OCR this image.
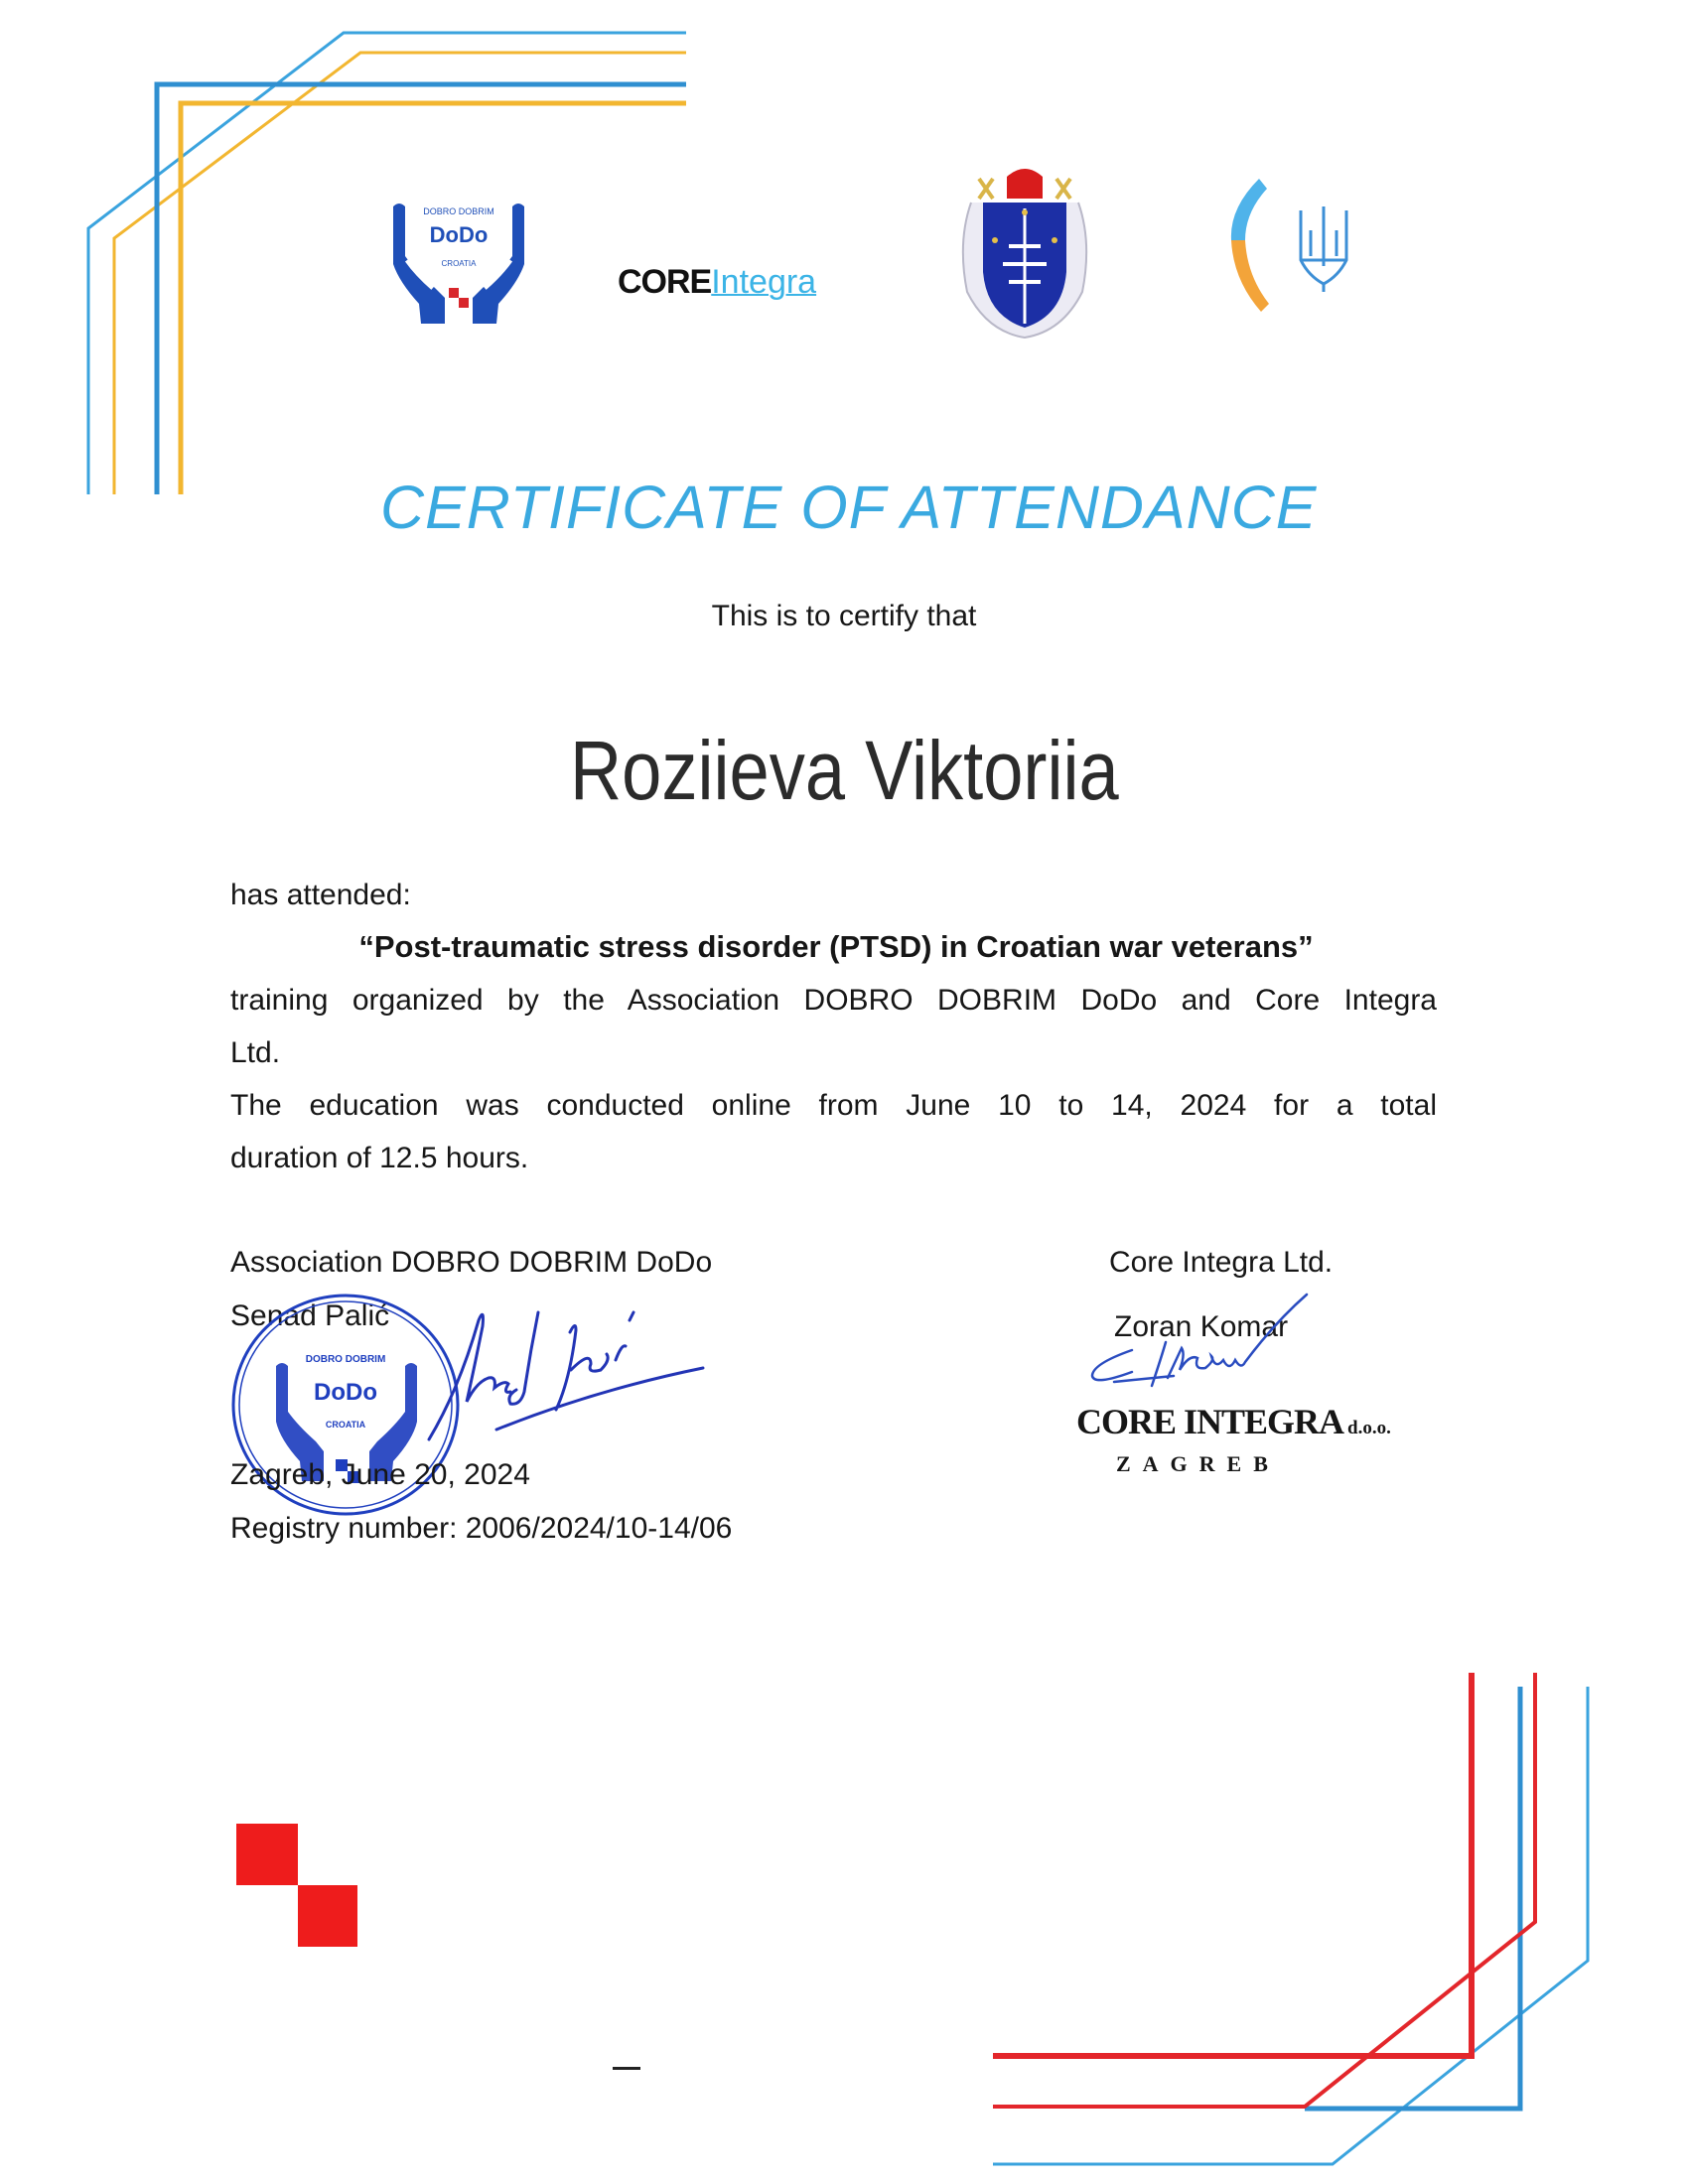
DoDo
DOBRO DOBRIM
CROATIA	COREIntegra
CERTIFICATE OF ATTENDANCE
This is to certify that
Roziieva Viktoriia
has attended:
“Post-traumatic stress disorder (PTSD) in Croatian war veterans”
training organized by the Association DOBRO DOBRIM DoDo and Core Integra
Ltd.
The education was conducted online from June 10 to 14, 2024 for a total
duration of 12.5 hours.
Association DOBRO DOBRIM DoDo
Senad Palić
DoDo
DOBRO DOBRIM
CROATIA
Zagreb, June 20, 2024
Registry number: 2006/2024/10-14/06
Core Integra Ltd.
Zoran Komar
CORE INTEGRA d.o.o.
ZAGREB
